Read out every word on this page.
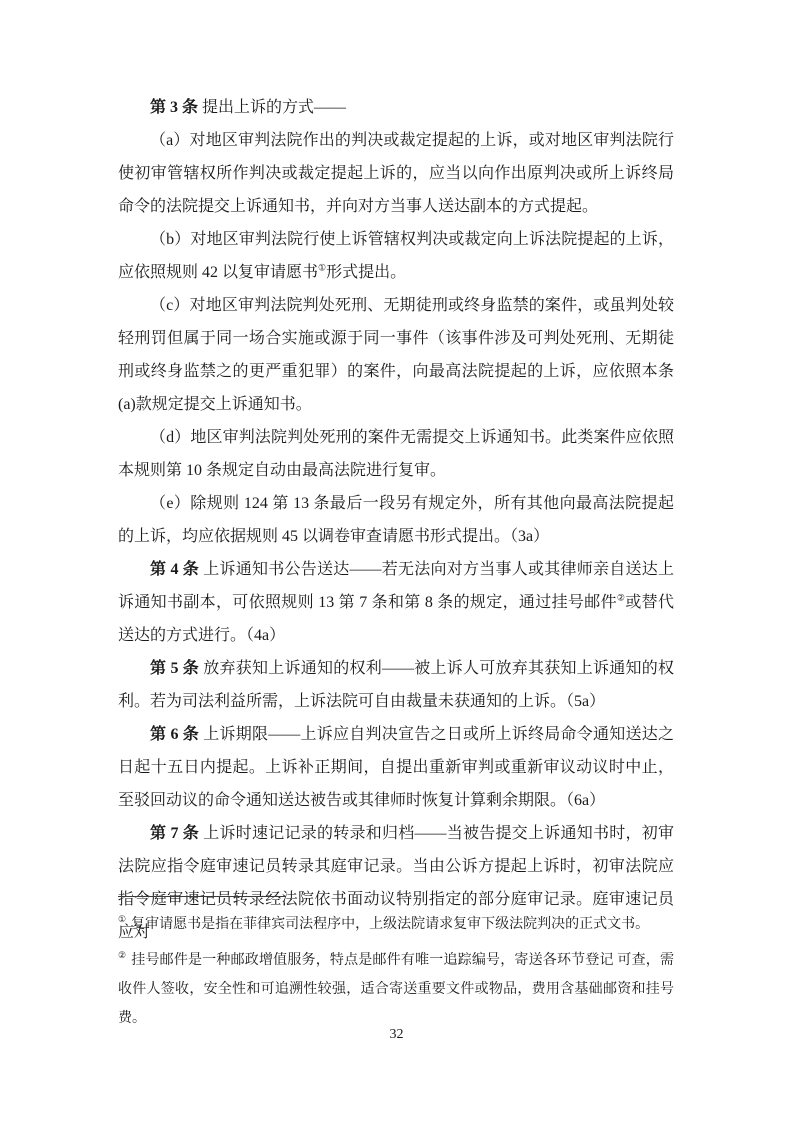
第 3 条 提出上诉的方式——

（a）对地区审判法院作出的判决或裁定提起的上诉，或对地区审判法院行使初审管辖权所作判决或裁定提起上诉的，应当以向作出原判决或所上诉终局命令的法院提交上诉通知书，并向对方当事人送达副本的方式提起。

（b）对地区审判法院行使上诉管辖权判决或裁定向上诉法院提起的上诉，应依照规则 42 以复审请愿书①形式提出。

（c）对地区审判法院判处死刑、无期徒刑或终身监禁的案件，或虽判处较轻刑罚但属于同一场合实施或源于同一事件（该事件涉及可判处死刑、无期徒刑或终身监禁之的更严重犯罪）的案件，向最高法院提起的上诉，应依照本条(a)款规定提交上诉通知书。

（d）地区审判法院判处死刑的案件无需提交上诉通知书。此类案件应依照本规则第 10 条规定自动由最高法院进行复审。

（e）除规则 124 第 13 条最后一段另有规定外，所有其他向最高法院提起的上诉，均应依据规则 45 以调卷审查请愿书形式提出。（3a）

第 4 条 上诉通知书公告送达——若无法向对方当事人或其律师亲自送达上诉通知书副本，可依照规则 13 第 7 条和第 8 条的规定，通过挂号邮件②或替代送达的方式进行。（4a）

第 5 条 放弃获知上诉通知的权利——被上诉人可放弃其获知上诉通知的权利。若为司法利益所需，上诉法院可自由裁量未获通知的上诉。（5a）

第 6 条 上诉期限——上诉应自判决宣告之日或所上诉终局命令通知送达之日起十五日内提起。上诉补正期间，自提出重新审判或重新审议动议时中止，至驳回动议的命令通知送达被告或其律师时恢复计算剩余期限。（6a）

第 7 条 上诉时速记记录的转录和归档——当被告提交上诉通知书时，初审法院应指令庭审速记员转录其庭审记录。当由公诉方提起上诉时，初审法院应指令庭审速记员转录经法院依书面动议特别指定的部分庭审记录。庭审速记员应对

① 复审请愿书是指在菲律宾司法程序中，上级法院请求复审下级法院判决的正式文书。

② 挂号邮件是一种邮政增值服务，特点是邮件有唯一追踪编号，寄送各环节登记 可查，需收件人签收，安全性和可追溯性较强，适合寄送重要文件或物品，费用含基础邮资和挂号费。

32
